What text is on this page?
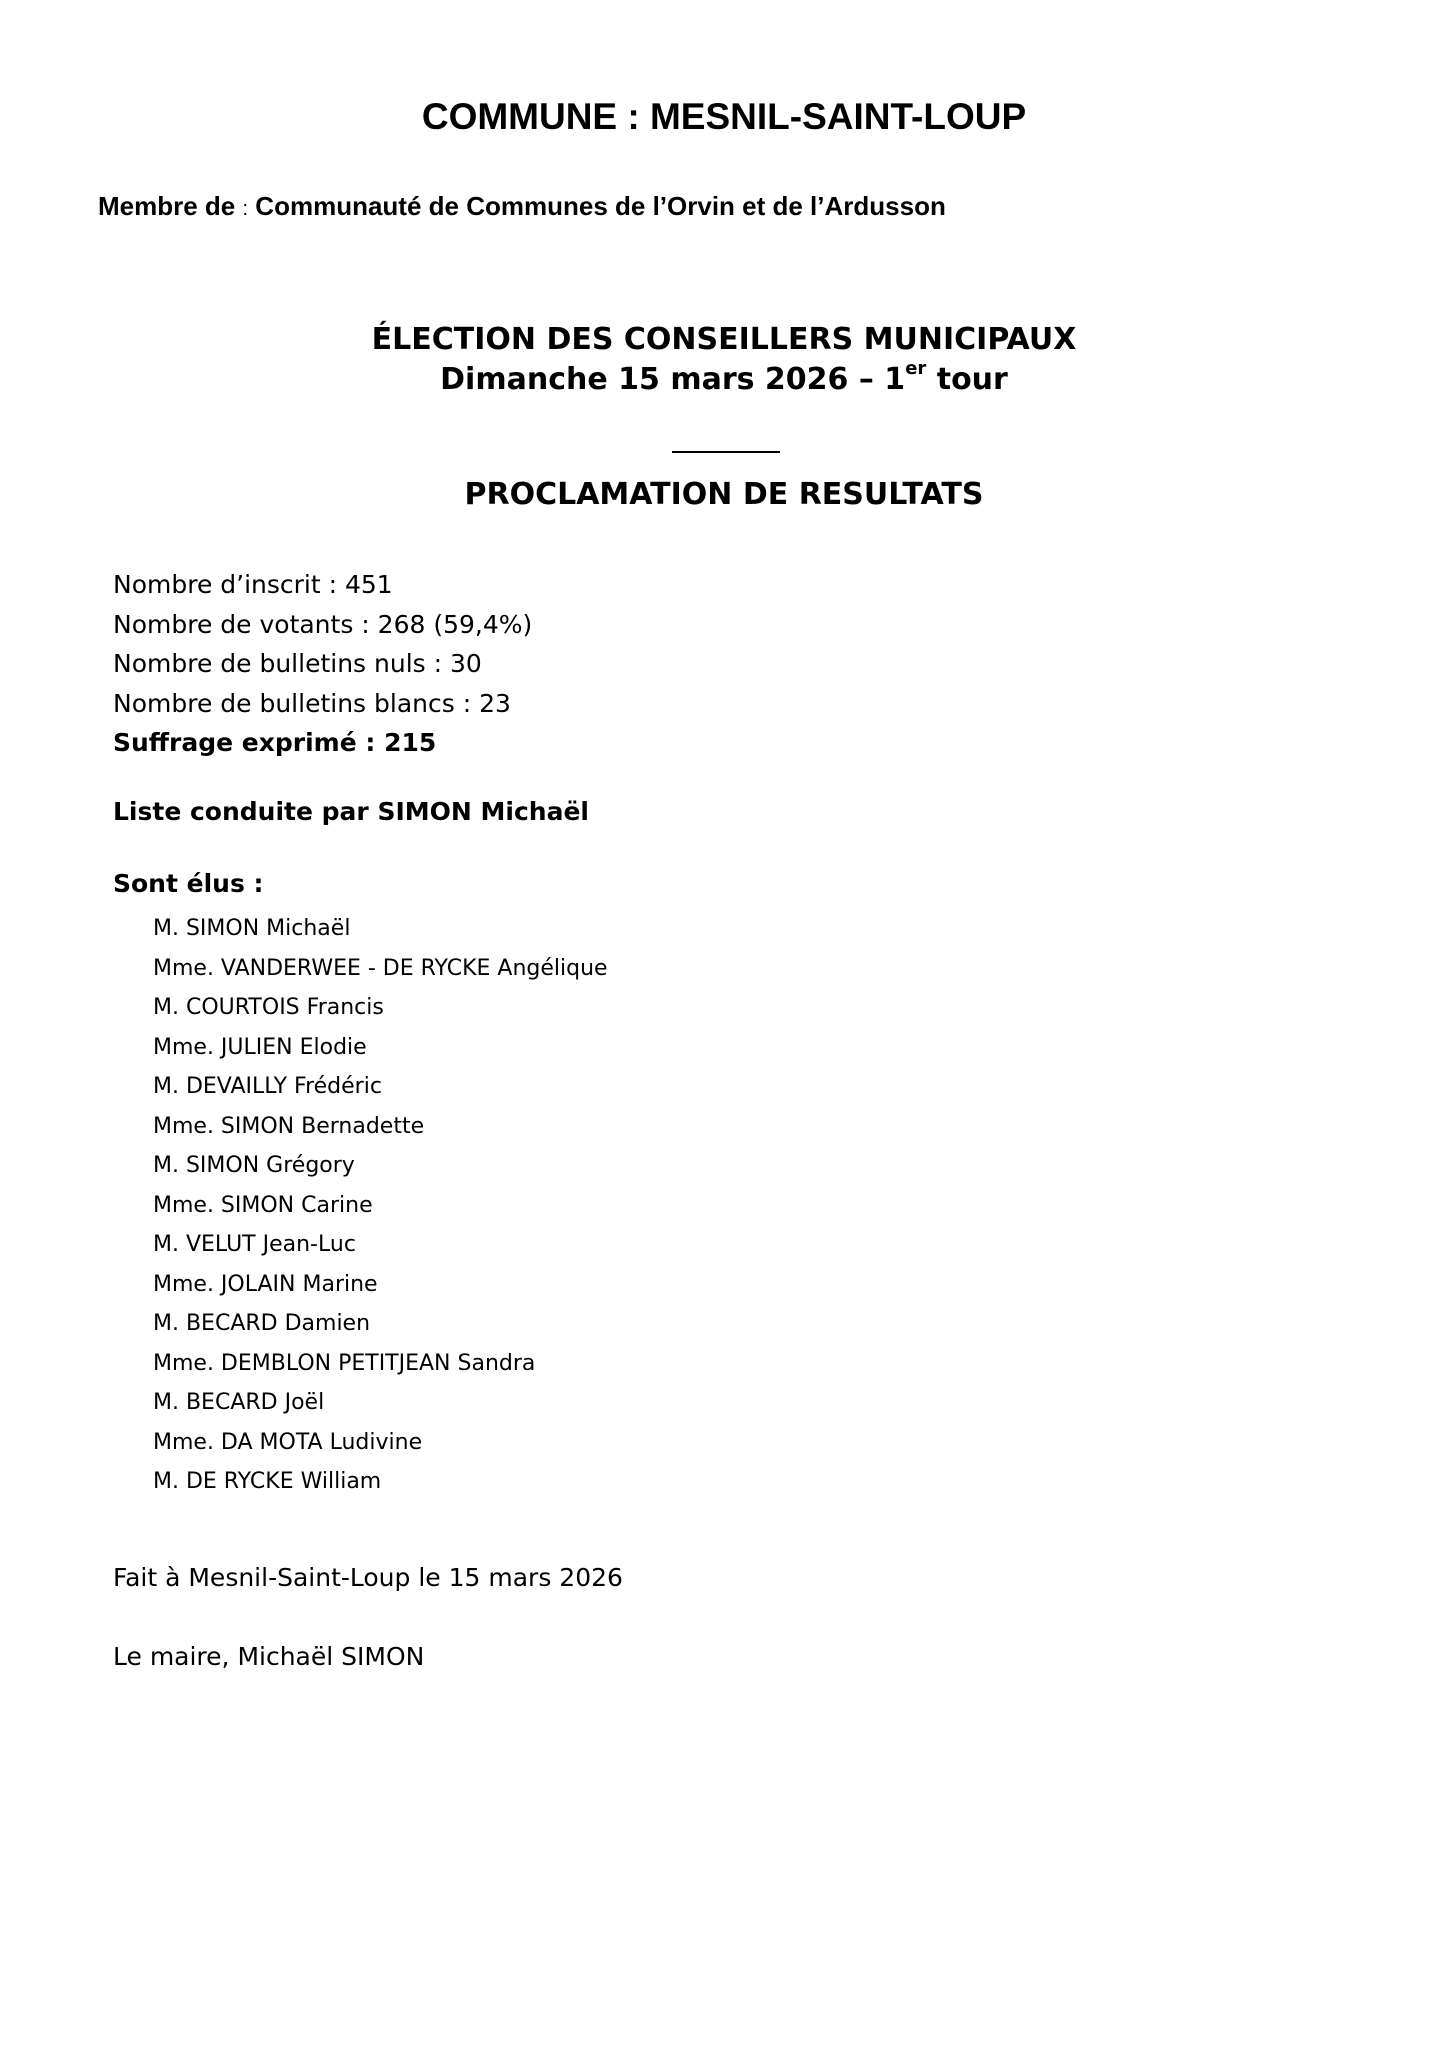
COMMUNE : MESNIL-SAINT-LOUP
Membre de : Communauté de Communes de l’Orvin et de l’Ardusson
ÉLECTION DES CONSEILLERS MUNICIPAUX
Dimanche 15 mars 2026 – 1er tour
PROCLAMATION DE RESULTATS
Nombre d’inscrit : 451
Nombre de votants : 268 (59,4%)
Nombre de bulletins nuls : 30
Nombre de bulletins blancs : 23
Suffrage exprimé : 215
Liste conduite par SIMON Michaël
Sont élus :
M. SIMON Michaël
Mme. VANDERWEE - DE RYCKE Angélique
M. COURTOIS Francis
Mme. JULIEN Elodie
M. DEVAILLY Frédéric
Mme. SIMON Bernadette
M. SIMON Grégory
Mme. SIMON Carine
M. VELUT Jean-Luc
Mme. JOLAIN Marine
M. BECARD Damien
Mme. DEMBLON PETITJEAN Sandra
M. BECARD Joël
Mme. DA MOTA Ludivine
M. DE RYCKE William
Fait à Mesnil-Saint-Loup le 15 mars 2026
Le maire, Michaël SIMON
